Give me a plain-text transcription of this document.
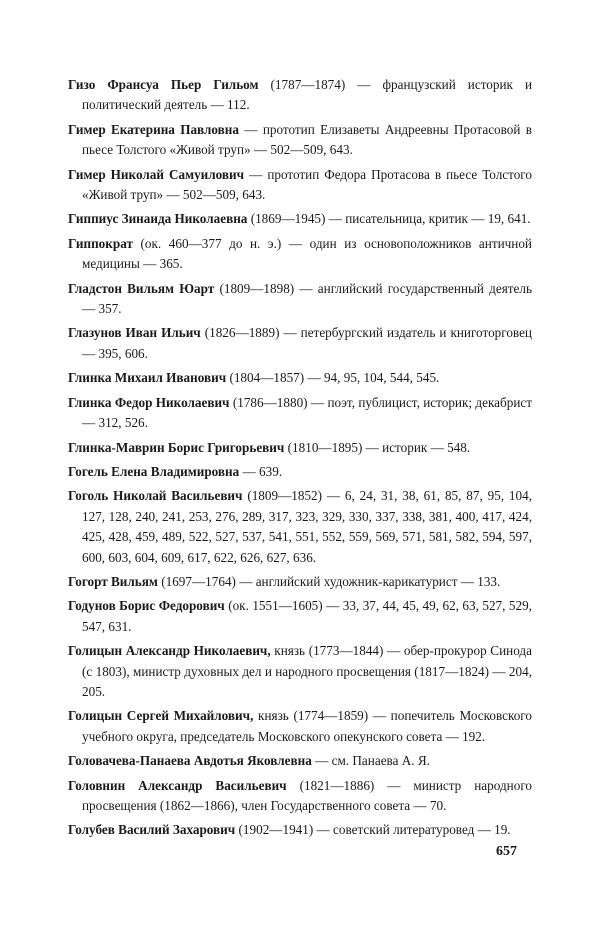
Гизо Франсуа Пьер Гильом (1787—1874) — французский историк и политический деятель — 112.

Гимер Екатерина Павловна — прототип Елизаветы Андреевны Протасовой в пьесе Толстого «Живой труп» — 502—509, 643.

Гимер Николай Самуилович — прототип Федора Протасова в пьесе Толстого «Живой труп» — 502—509, 643.

Гиппиус Зинаида Николаевна (1869—1945) — писательница, критик — 19, 641.

Гиппократ (ок. 460—377 до н. э.) — один из основоположников античной медицины — 365.

Гладстон Вильям Юарт (1809—1898) — английский государственный деятель — 357.

Глазунов Иван Ильич (1826—1889) — петербургский издатель и книготорговец — 395, 606.

Глинка Михаил Иванович (1804—1857) — 94, 95, 104, 544, 545.

Глинка Федор Николаевич (1786—1880) — поэт, публицист, историк; декабрист — 312, 526.

Глинка-Маврин Борис Григорьевич (1810—1895) — историк — 548.

Гогель Елена Владимировна — 639.

Гоголь Николай Васильевич (1809—1852) — 6, 24, 31, 38, 61, 85, 87, 95, 104, 127, 128, 240, 241, 253, 276, 289, 317, 323, 329, 330, 337, 338, 381, 400, 417, 424, 425, 428, 459, 489, 522, 527, 537, 541, 551, 552, 559, 569, 571, 581, 582, 594, 597, 600, 603, 604, 609, 617, 622, 626, 627, 636.

Гогорт Вильям (1697—1764) — английский художник-карикатурист — 133.

Годунов Борис Федорович (ок. 1551—1605) — 33, 37, 44, 45, 49, 62, 63, 527, 529, 547, 631.

Голицын Александр Николаевич, князь (1773—1844) — обер-прокурор Синода (с 1803), министр духовных дел и народного просвещения (1817—1824) — 204, 205.

Голицын Сергей Михайлович, князь (1774—1859) — попечитель Московского учебного округа, председатель Московского опекунского совета — 192.

Головачева-Панаева Авдотья Яковлевна — см. Панаева А. Я.

Головнин Александр Васильевич (1821—1886) — министр народного просвещения (1862—1866), член Государственного совета — 70.

Голубев Василий Захарович (1902—1941) — советский литературовед — 19.

657
